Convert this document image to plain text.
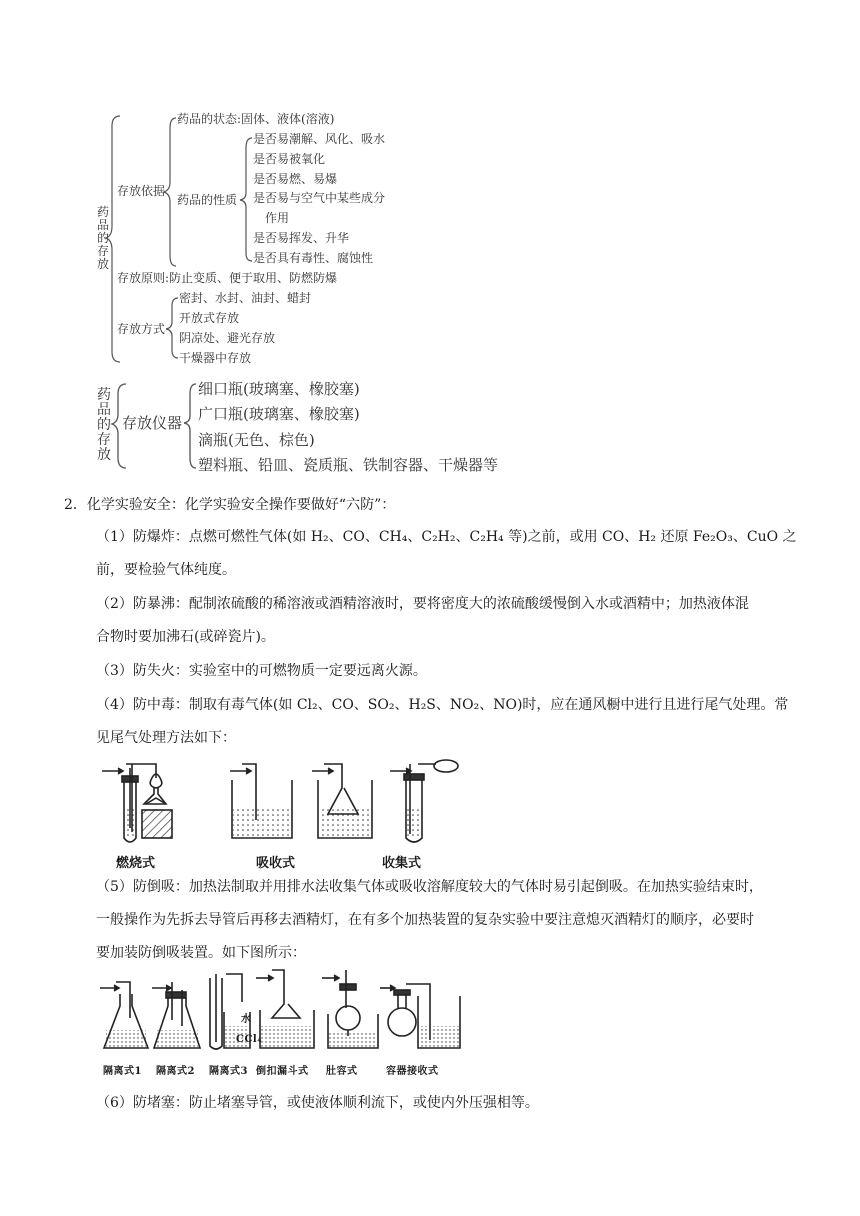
药品的存放
存放依据
药品的状态:固体、液体(溶液)
药品的性质
是否易潮解、风化、吸水
是否易被氧化
是否易燃、易爆
是否易与空气中某些成分
作用
是否易挥发、升华
是否具有毒性、腐蚀性
存放原则:防止变质、便于取用、防燃防爆
存放方式
密封、水封、油封、蜡封
开放式存放
阴凉处、避光存放
干燥器中存放
药品的存放
存放仪器
细口瓶(玻璃塞、橡胶塞)
广口瓶(玻璃塞、橡胶塞)
滴瓶(无色、棕色)
塑料瓶、铅皿、瓷质瓶、铁制容器、干燥器等
2．化学实验安全：化学实验安全操作要做好“六防”：
（1）防爆炸：点燃可燃性气体(如 H₂、CO、CH₄、C₂H₂、C₂H₄ 等)之前，或用 CO、H₂ 还原 Fe₂O₃、CuO 之
前，要检验气体纯度。
（2）防暴沸：配制浓硫酸的稀溶液或酒精溶液时，要将密度大的浓硫酸缓慢倒入水或酒精中；加热液体混
合物时要加沸石(或碎瓷片)。
（3）防失火：实验室中的可燃物质一定要远离火源。
（4）防中毒：制取有毒气体(如 Cl₂、CO、SO₂、H₂S、NO₂、NO)时，应在通风橱中进行且进行尾气处理。常
见尾气处理方法如下：
燃烧式	吸收式	收集式
（5）防倒吸：加热法制取并用排水法收集气体或吸收溶解度较大的气体时易引起倒吸。在加热实验结束时，
一般操作为先拆去导管后再移去酒精灯，在有多个加热装置的复杂实验中要注意熄灭酒精灯的顺序，必要时
要加装防倒吸装置。如下图所示：
水
CCl₄
隔离式1 隔离式2 隔离式3 倒扣漏斗式 肚容式	容器接收式
（6）防堵塞：防止堵塞导管，或使液体顺利流下，或使内外压强相等。
